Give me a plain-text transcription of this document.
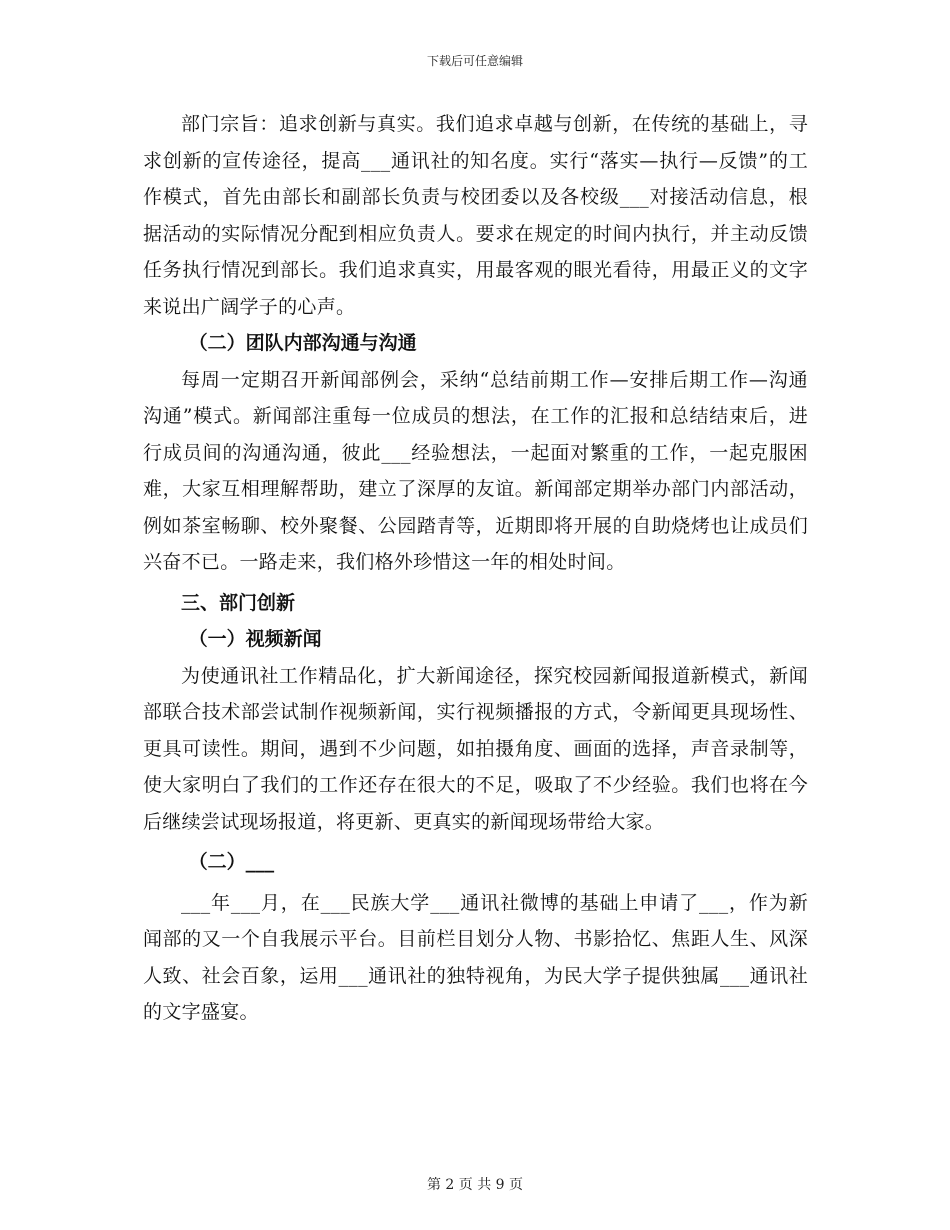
下载后可任意编辑

部门宗旨：追求创新与真实。我们追求卓越与创新，在传统的基础上，寻求创新的宣传途径，提高___通讯社的知名度。实行“落实—执行—反馈”的工作模式，首先由部长和副部长负责与校团委以及各校级___对接活动信息，根据活动的实际情况分配到相应负责人。要求在规定的时间内执行，并主动反馈任务执行情况到部长。我们追求真实，用最客观的眼光看待，用最正义的文字来说出广阔学子的心声。

（二）团队内部沟通与沟通

每周一定期召开新闻部例会，采纳“总结前期工作—安排后期工作—沟通沟通”模式。新闻部注重每一位成员的想法，在工作的汇报和总结结束后，进行成员间的沟通沟通，彼此___经验想法，一起面对繁重的工作，一起克服困难，大家互相理解帮助，建立了深厚的友谊。新闻部定期举办部门内部活动，例如茶室畅聊、校外聚餐、公园踏青等，近期即将开展的自助烧烤也让成员们兴奋不已。一路走来，我们格外珍惜这一年的相处时间。

三、部门创新

（一）视频新闻

为使通讯社工作精品化，扩大新闻途径，探究校园新闻报道新模式，新闻部联合技术部尝试制作视频新闻，实行视频播报的方式，令新闻更具现场性、更具可读性。期间，遇到不少问题，如拍摄角度、画面的选择，声音录制等，使大家明白了我们的工作还存在很大的不足，吸取了不少经验。我们也将在今后继续尝试现场报道，将更新、更真实的新闻现场带给大家。

（二）___

___年___月，在___民族大学___通讯社微博的基础上申请了___，作为新闻部的又一个自我展示平台。目前栏目划分人物、书影拾忆、焦距人生、风深人致、社会百象，运用___通讯社的独特视角，为民大学子提供独属___通讯社的文字盛宴。

第 2 页 共 9 页
